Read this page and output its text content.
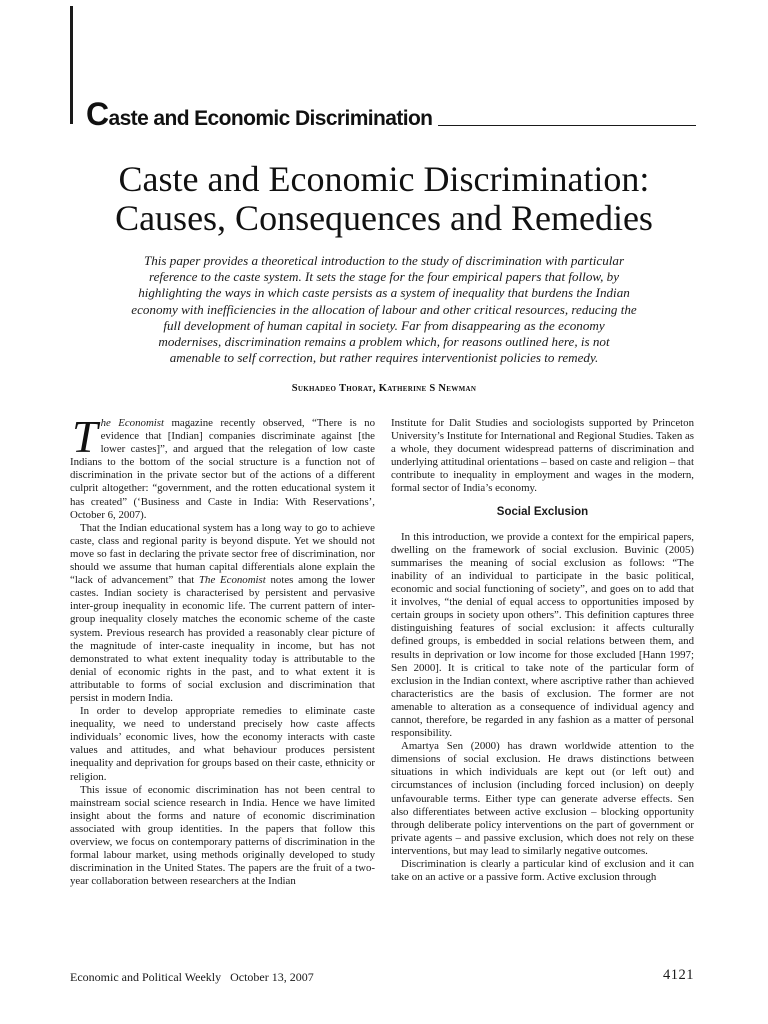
Caste and Economic Discrimination
Caste and Economic Discrimination:
Causes, Consequences and Remedies

This paper provides a theoretical introduction to the study of discrimination with particular
reference to the caste system. It sets the stage for the four empirical papers that follow, by
highlighting the ways in which caste persists as a system of inequality that burdens the Indian
economy with inefficiencies in the allocation of labour and other critical resources, reducing the
full development of human capital in society. Far from disappearing as the economy
modernises, discrimination remains a problem which, for reasons outlined here, is not
amenable to self correction, but rather requires interventionist policies to remedy.

Sukhadeo Thorat, Katherine S Newman

The Economist magazine recently observed, “There is no evidence that [Indian] companies discriminate against [the lower castes]”, and argued that the relegation of low caste Indians to the bottom of the social structure is a function not of discrimination in the private sector but of the actions of a different culprit altogether: “government, and the rotten educational system it has created” (‘Business and Caste in India: With Reservations’, October 6, 2007).

That the Indian educational system has a long way to go to achieve caste, class and regional parity is beyond dispute. Yet we should not move so fast in declaring the private sector free of discrimination, nor should we assume that human capital differentials alone explain the “lack of advancement” that The Economist notes among the lower castes. Indian society is characterised by persistent and pervasive inter-group inequality in economic life. The current pattern of inter-group inequality closely matches the economic scheme of the caste system. Previous research has provided a reasonably clear picture of the magnitude of inter-caste inequality in income, but has not demonstrated to what extent inequality today is attributable to the denial of economic rights in the past, and to what extent it is attributable to forms of social exclusion and discrimination that persist in modern India.

In order to develop appropriate remedies to eliminate caste inequality, we need to understand precisely how caste affects individuals’ economic lives, how the economy interacts with caste values and attitudes, and what behaviour produces persistent inequality and deprivation for groups based on their caste, ethnicity or religion.

This issue of economic discrimination has not been central to mainstream social science research in India. Hence we have limited insight about the forms and nature of economic discrimination associated with group identities. In the papers that follow this overview, we focus on contemporary patterns of discrimination in the formal labour market, using methods originally developed to study discrimination in the United States. The papers are the fruit of a two-year collaboration between researchers at the Indian

Institute for Dalit Studies and sociologists supported by Princeton University’s Institute for International and Regional Studies. Taken as a whole, they document widespread patterns of discrimination and underlying attitudinal orientations – based on caste and religion – that contribute to inequality in employment and wages in the modern, formal sector of India’s economy.

Social Exclusion

In this introduction, we provide a context for the empirical papers, dwelling on the framework of social exclusion. Buvinic (2005) summarises the meaning of social exclusion as follows: “The inability of an individual to participate in the basic political, economic and social functioning of society”, and goes on to add that it involves, “the denial of equal access to opportunities imposed by certain groups in society upon others”. This definition captures three distinguishing features of social exclusion: it affects culturally defined groups, is embedded in social relations between them, and results in deprivation or low income for those excluded [Hann 1997; Sen 2000]. It is critical to take note of the particular form of exclusion in the Indian context, where ascriptive rather than achieved characteristics are the basis of exclusion. The former are not amenable to alteration as a consequence of individual agency and cannot, therefore, be regarded in any fashion as a matter of personal responsibility.

Amartya Sen (2000) has drawn worldwide attention to the dimensions of social exclusion. He draws distinctions between situations in which individuals are kept out (or left out) and circumstances of inclusion (including forced inclusion) on deeply unfavourable terms. Either type can generate adverse effects. Sen also differentiates between active exclusion – blocking opportunity through deliberate policy interventions on the part of government or private agents – and passive exclusion, which does not rely on these interventions, but may lead to similarly negative outcomes.

Discrimination is clearly a particular kind of exclusion and it can take on an active or a passive form. Active exclusion through

Economic and Political Weekly October 13, 2007	4121
